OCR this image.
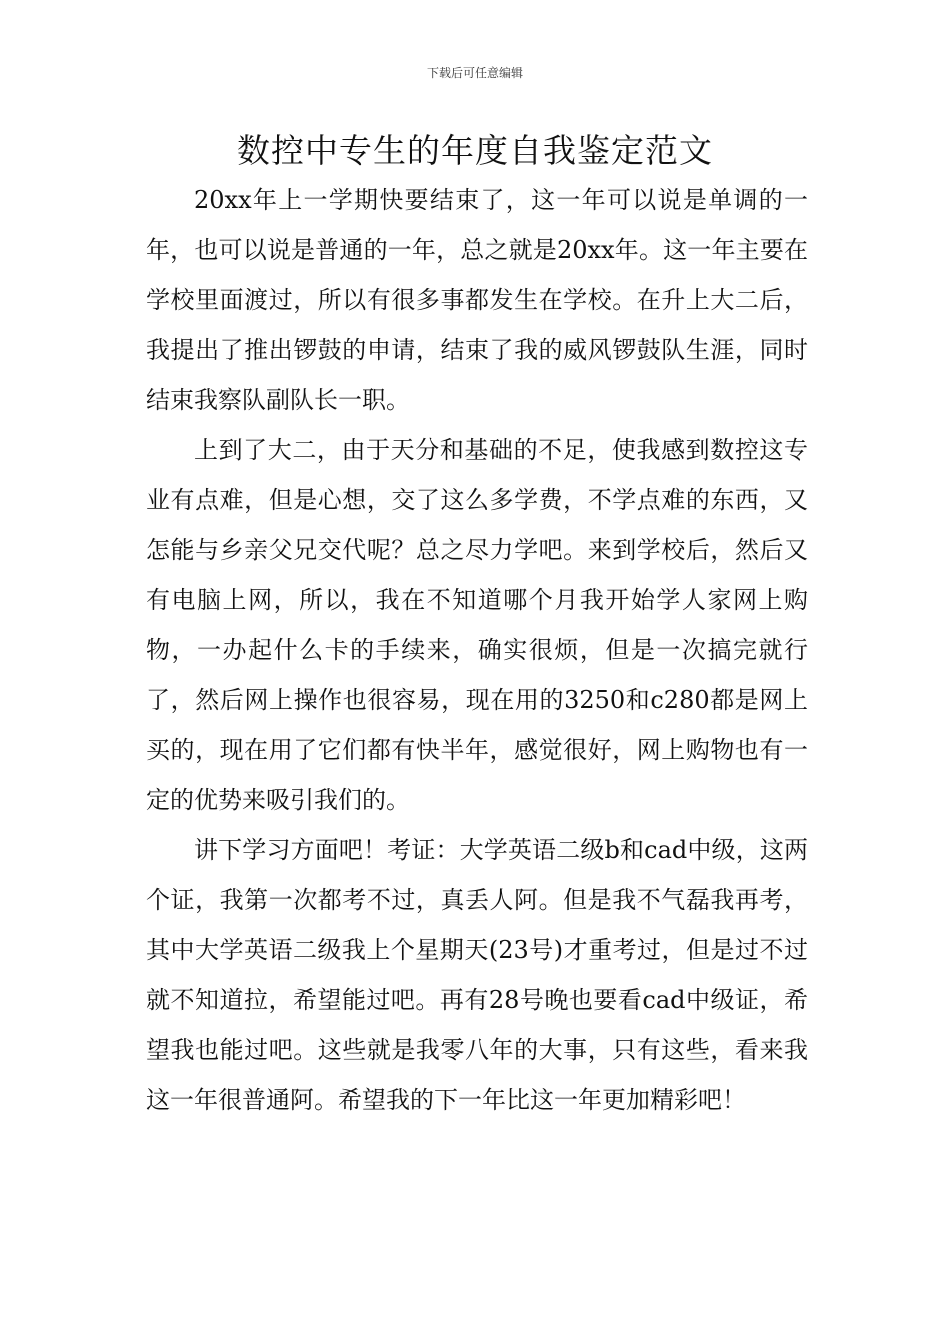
下载后可任意编辑
数控中专生的年度自我鉴定范文

20xx年上一学期快要结束了，这一年可以说是单调的一年，也可以说是普通的一年，总之就是20xx年。这一年主要在学校里面渡过，所以有很多事都发生在学校。在升上大二后，我提出了推出锣鼓的申请，结束了我的威风锣鼓队生涯，同时结束我察队副队长一职。

上到了大二，由于天分和基础的不足，使我感到数控这专业有点难，但是心想，交了这么多学费，不学点难的东西，又怎能与乡亲父兄交代呢？总之尽力学吧。来到学校后，然后又有电脑上网，所以，我在不知道哪个月我开始学人家网上购物，一办起什么卡的手续来，确实很烦，但是一次搞完就行了，然后网上操作也很容易，现在用的3250和c280都是网上买的，现在用了它们都有快半年，感觉很好，网上购物也有一定的优势来吸引我们的。

讲下学习方面吧！考证：大学英语二级b和cad中级，这两个证，我第一次都考不过，真丢人阿。但是我不气磊我再考，其中大学英语二级我上个星期天(23号)才重考过，但是过不过就不知道拉，希望能过吧。再有28号晚也要看cad中级证，希望我也能过吧。这些就是我零八年的大事，只有这些，看来我这一年很普通阿。希望我的下一年比这一年更加精彩吧！
